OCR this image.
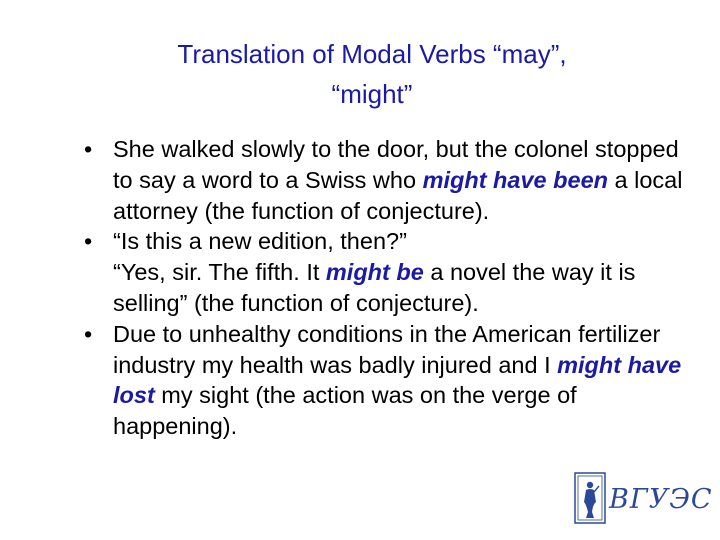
Translation of Modal Verbs “may”,
“might”
• She walked slowly to the door, but the colonel stopped to say a word to a Swiss who might have been a local attorney (the function of conjecture).
• “Is this a new edition, then?”
“Yes, sir. The fifth. It might be a novel the way it is selling” (the function of conjecture).
• Due to unhealthy conditions in the American fertilizer industry my health was badly injured and I might have lost my sight (the action was on the verge of happening).
ВГУЭС
